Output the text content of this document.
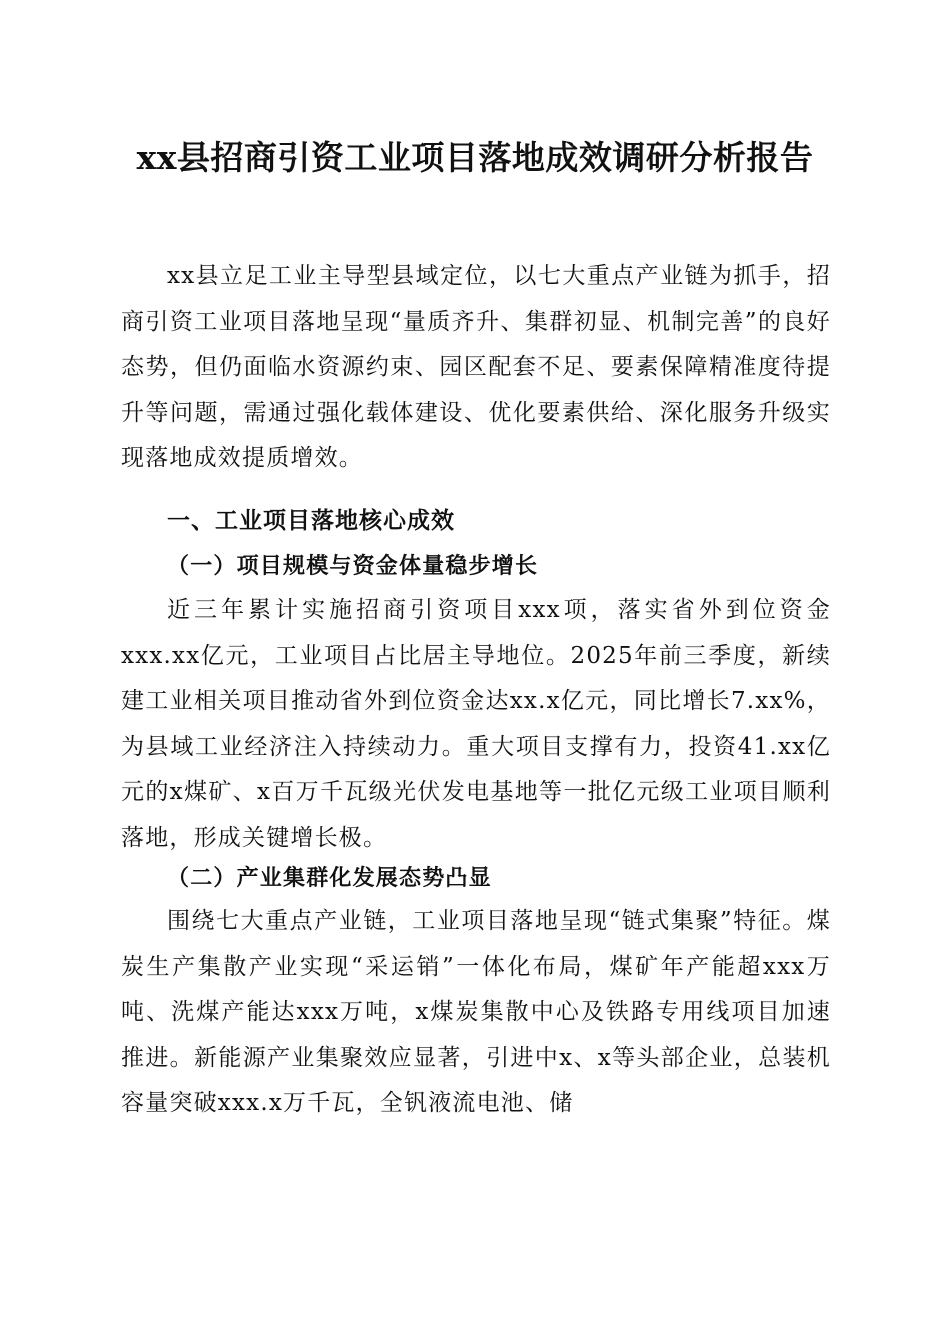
xx县招商引资工业项目落地成效调研分析报告

xx县立足工业主导型县域定位，以七大重点产业链为抓手，招商引资工业项目落地呈现“量质齐升、集群初显、机制完善”的良好态势，但仍面临水资源约束、园区配套不足、要素保障精准度待提升等问题，需通过强化载体建设、优化要素供给、深化服务升级实现落地成效提质增效。

一、工业项目落地核心成效
（一）项目规模与资金体量稳步增长

近三年累计实施招商引资项目xxx项，落实省外到位资金xxx.xx亿元，工业项目占比居主导地位。2025年前三季度，新续建工业相关项目推动省外到位资金达xx.x亿元，同比增长7.xx%，为县域工业经济注入持续动力。重大项目支撑有力，投资41.xx亿元的x煤矿、x百万千瓦级光伏发电基地等一批亿元级工业项目顺利落地，形成关键增长极。

（二）产业集群化发展态势凸显

围绕七大重点产业链，工业项目落地呈现“链式集聚”特征。煤炭生产集散产业实现“采运销”一体化布局，煤矿年产能超xxx万吨、洗煤产能达xxx万吨，x煤炭集散中心及铁路专用线项目加速推进。新能源产业集聚效应显著，引进中x、x等头部企业，总装机容量突破xxx.x万千瓦，全钒液流电池、储
